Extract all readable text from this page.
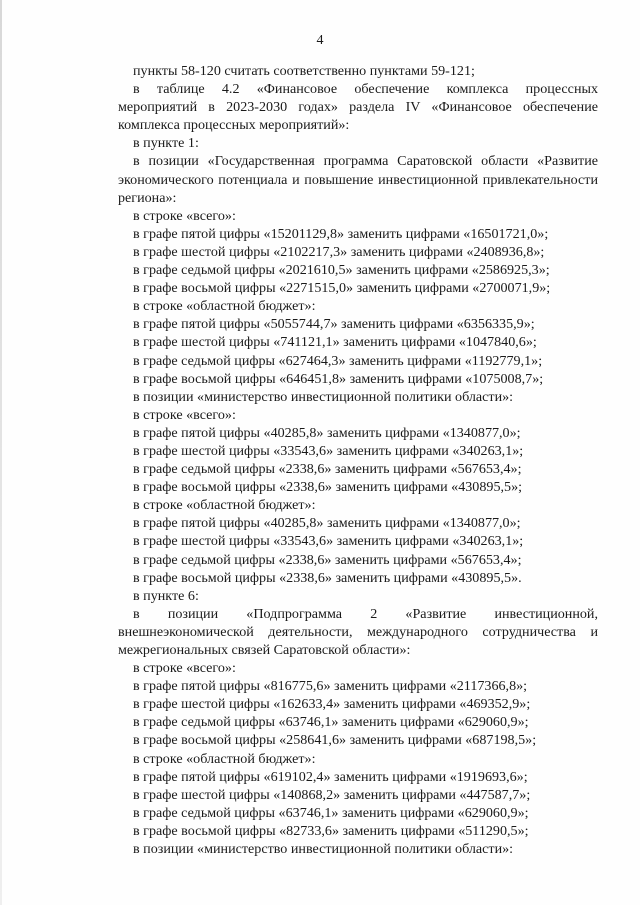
4

пункты 58-120 считать соответственно пунктами 59-121;

в таблице 4.2 «Финансовое обеспечение комплекса процессных мероприятий в 2023-2030 годах» раздела IV «Финансовое обеспечение комплекса процессных мероприятий»:

в пункте 1:

в позиции «Государственная программа Саратовской области «Развитие экономического потенциала и повышение инвестиционной привлекательности региона»:

в строке «всего»:

в графе пятой цифры «15201129,8» заменить цифрами «16501721,0»;

в графе шестой цифры «2102217,3» заменить цифрами «2408936,8»;

в графе седьмой цифры «2021610,5» заменить цифрами «2586925,3»;

в графе восьмой цифры «2271515,0» заменить цифрами «2700071,9»;

в строке «областной бюджет»:

в графе пятой цифры «5055744,7» заменить цифрами «6356335,9»;

в графе шестой цифры «741121,1» заменить цифрами «1047840,6»;

в графе седьмой цифры «627464,3» заменить цифрами «1192779,1»;

в графе восьмой цифры «646451,8» заменить цифрами «1075008,7»;

в позиции «министерство инвестиционной политики области»:

в строке «всего»:

в графе пятой цифры «40285,8» заменить цифрами «1340877,0»;

в графе шестой цифры «33543,6» заменить цифрами «340263,1»;

в графе седьмой цифры «2338,6» заменить цифрами «567653,4»;

в графе восьмой цифры «2338,6» заменить цифрами «430895,5»;

в строке «областной бюджет»:

в графе пятой цифры «40285,8» заменить цифрами «1340877,0»;

в графе шестой цифры «33543,6» заменить цифрами «340263,1»;

в графе седьмой цифры «2338,6» заменить цифрами «567653,4»;

в графе восьмой цифры «2338,6» заменить цифрами «430895,5».

в пункте 6:

в позиции «Подпрограмма 2 «Развитие инвестиционной, внешнеэкономической деятельности, международного сотрудничества и межрегиональных связей Саратовской области»:

в строке «всего»:

в графе пятой цифры «816775,6» заменить цифрами «2117366,8»;

в графе шестой цифры «162633,4» заменить цифрами «469352,9»;

в графе седьмой цифры «63746,1» заменить цифрами «629060,9»;

в графе восьмой цифры «258641,6» заменить цифрами «687198,5»;

в строке «областной бюджет»:

в графе пятой цифры «619102,4» заменить цифрами «1919693,6»;

в графе шестой цифры «140868,2» заменить цифрами «447587,7»;

в графе седьмой цифры «63746,1» заменить цифрами «629060,9»;

в графе восьмой цифры «82733,6» заменить цифрами «511290,5»;

в позиции «министерство инвестиционной политики области»:
